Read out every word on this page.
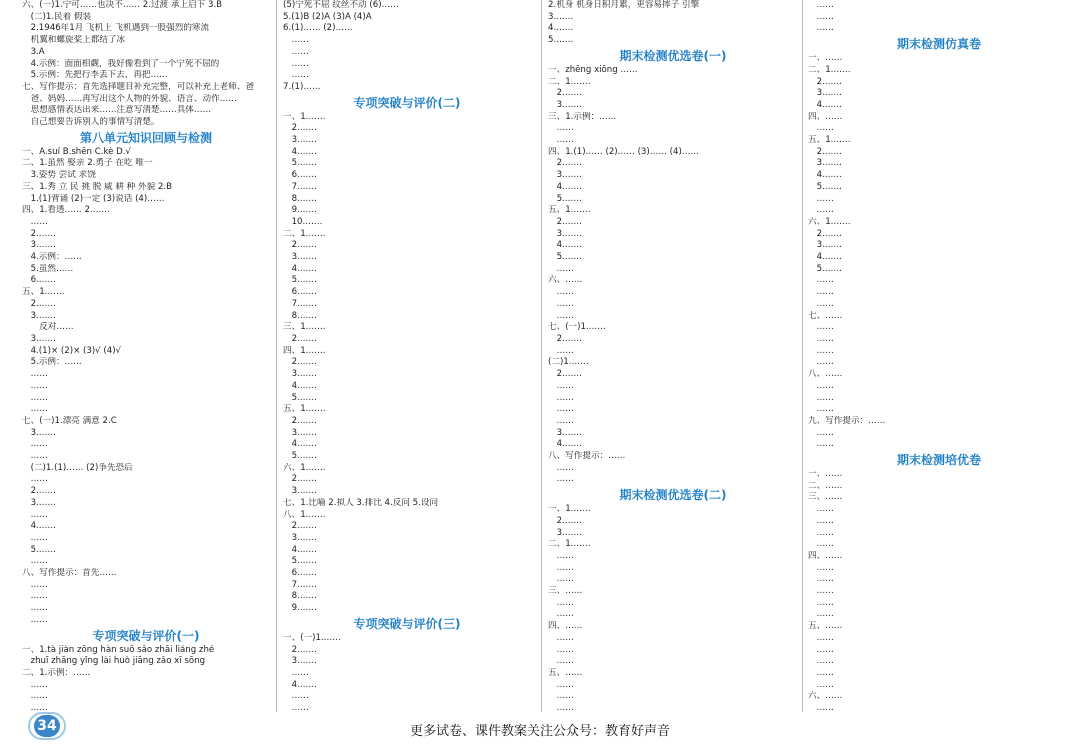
六、(一)1.宁可……也决不…… 2.过渡 承上启下 3.B
　(二)1.民着 假装
　2.1946年1月 飞机上 飞机遇到一股强烈的寒流
　机翼和螺旋桨上都结了冰
　3.A
　4.示例：面面相觑，我好像看到了一个宁死不屈的
　5.示例：先把行李丢下去，再把……
七、写作提示：首先选择题目补充完整，可以补充上老师、爸
　爸、妈妈……再写出这个人物的外貌、语言、动作……
　思想感情表达出来……注意写清楚……具体……
　自己想要告诉别人的事情写清楚。
第八单元知识回顾与检测
一、A.suí B.shēn C.kè D.√
二、1.虽然 娶亲 2.勇子 在吃 唯一
　3.姿势 尝试 求饶
三、1.秀 立 民 挑 脱 威 耕 种 外貌 2.B
　1.(1)背诵 (2)一定 (3)说话 (4)……
四、1.看透…… 2.……
　……
　2.……
　3.……
　4.示例：……
　5.虽然……
　6.……
五、1.……
　2.……
　3.……
　　反对……
　3.……
　4.(1)× (2)× (3)√ (4)√
　5.示例：……
　……
　……
　……
　……
七、(一)1.漂亮 满意 2.C
　3.……
　……
　……
　(二)1.(1)…… (2)争先恐后
　……
　2.……
　3.……
　……
　4.……
　……
　5.……
　……
八、写作提示：首先……
　……
　……
　……
　……
专项突破与评价(一)
一、1.tà jiàn zōng hàn suō sǎo zhāi liáng zhé
　zhuī zhāng yǐng lài huò jiāng zǎo xī sōng
二、1.示例：……
　……
　……
　……
(5)宁死不屈 纹丝不动 (6)……
5.(1)B (2)A (3)A (4)A
6.(1)…… (2)……
　……
　……
　……
　……
7.(1)……
专项突破与评价(二)
一、1.……
　2.……
　3.……
　4.……
　5.……
　6.……
　7.……
　8.……
　9.……
　10.……
二、1.……
　2.……
　3.……
　4.……
　5.……
　6.……
　7.……
　8.……
三、1.……
　2.……
四、1.……
　2.……
　3.……
　4.……
　5.……
五、1.……
　2.……
　3.……
　4.……
　5.……
六、1.……
　2.……
　3.……
七、1.比喻 2.拟人 3.排比 4.反问 5.设问
八、1.……
　2.……
　3.……
　4.……
　5.……
　6.……
　7.……
　8.……
　9.……
专项突破与评价(三)
一、(一)1.……
　2.……
　3.……
　……
　4.……
　……
　……
2.机身 机身日积月累，更容易摔子 引擎
3.……
4.……
5.……
期末检测优选卷(一)
一、zhēng xiōng ……
二、1.……
　2.……
　3.……
三、1.示例：……
　……
　……
四、1.(1)…… (2)…… (3)…… (4)……
　2.……
　3.……
　4.……
　5.……
五、1.……
　2.……
　3.……
　4.……
　5.……
　……
六、……
　……
　……
　……
七、(一)1.……
　2.……
　……
(二)1.……
　2.……
　……
　……
　……
　……
　3.……
　4.……
八、写作提示：……
　……
　……
期末检测优选卷(二)
一、1.……
　2.……
　3.……
二、1.……
　……
　……
　……
三、……
　……
　……
四、……
　……
　……
　……
五、……
　……
　……
　……
　……
　……
　……
期末检测仿真卷
一、……
二、1.……
　2.……
　3.……
　4.……
四、……
　……
五、1.……
　2.……
　3.……
　4.……
　5.……
　……
　……
六、1.……
　2.……
　3.……
　4.……
　5.……
　……
　……
　……
七、……
　……
　……
　……
　……
八、……
　……
　……
　……
九、写作提示：……
　……
　……
期末检测培优卷
一、……
二、……
三、……
　……
　……
　……
　……
四、……
　……
　……
　……
　……
　……
五、……
　……
　……
　……
　……
　……
六、……
　……
34	更多试卷、课件教案关注公众号：教育好声音
